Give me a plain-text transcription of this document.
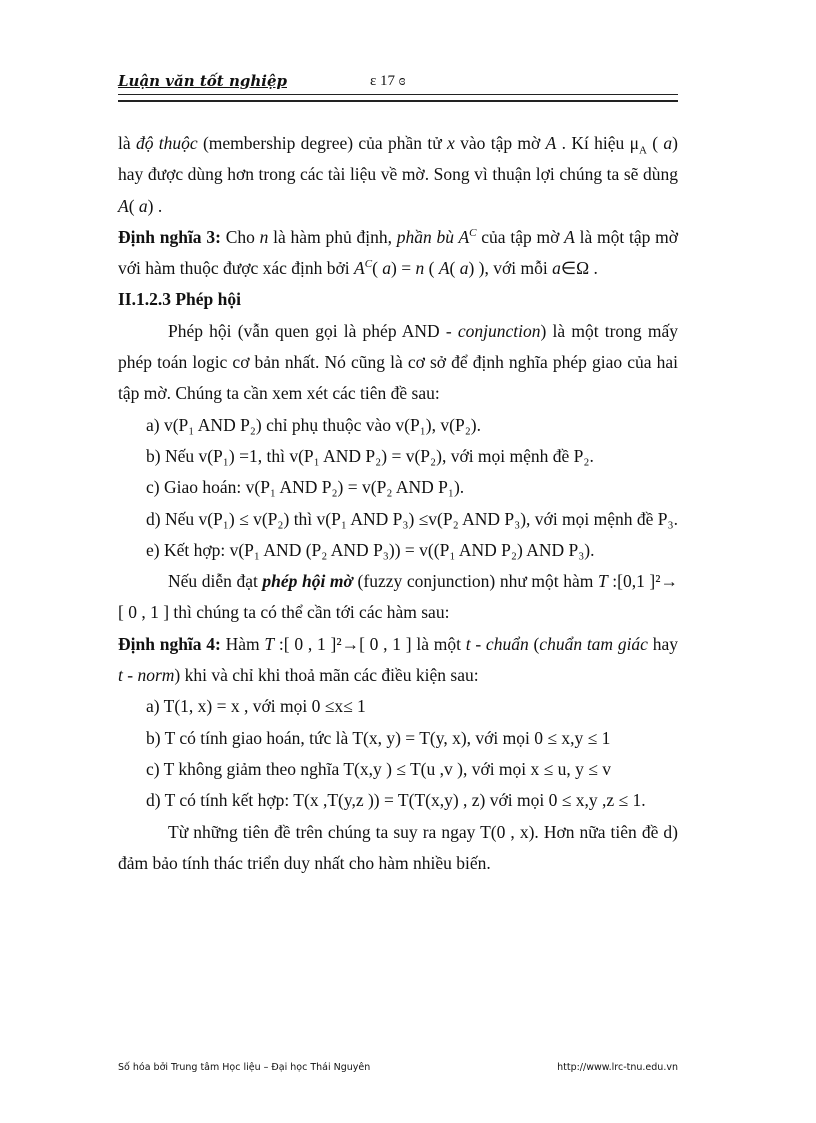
Luận văn tốt nghiệp	ɛ 17 ɞ

là độ thuộc (membership degree) của phần tử x vào tập mờ A . Kí hiệu $\mu_A$ ( a) hay được dùng hơn trong các tài liệu về mờ. Song vì thuận lợi chúng ta sẽ dùng A( a) .

Định nghĩa 3: Cho n là hàm phủ định, phần bù $A^C$ của tập mờ A là một tập mờ với hàm thuộc được xác định bởi $A^C$( a) = n ( A( a) ), với mỗi a∈Ω .

II.1.2.3 Phép hội

Phép hội (vẫn quen gọi là phép AND - conjunction) là một trong mấy phép toán logic cơ bản nhất. Nó cũng là cơ sở để định nghĩa phép giao của hai tập mờ. Chúng ta cần xem xét các tiên đề sau:

a) v(P₁ AND P₂) chỉ phụ thuộc vào v(P₁), v(P₂).

b) Nếu v(P₁) =1, thì v(P₁ AND P₂) = v(P₂), với mọi mệnh đề P₂.

c) Giao hoán: v(P₁ AND P₂) = v(P₂ AND P₁).

d) Nếu v(P₁) ≤ v(P₂) thì v(P₁ AND P₃) ≤v(P₂ AND P₃), với mọi mệnh đề P₃.

e) Kết hợp: v(P₁ AND (P₂ AND P₃)) = v((P₁ AND P₂) AND P₃).

Nếu diễn đạt phép hội mờ (fuzzy conjunction) như một hàm T :[0,1 ]²→ [ 0 , 1 ] thì chúng ta có thể cần tới các hàm sau:

Định nghĩa 4: Hàm T :[ 0 , 1 ]²→[ 0 , 1 ] là một t - chuẩn (chuẩn tam giác hay t - norm) khi và chỉ khi thoả mãn các điều kiện sau:

a) T(1, x) = x , với mọi 0 ≤x≤ 1

b) T có tính giao hoán, tức là T(x, y) = T(y, x), với mọi 0 ≤ x,y ≤ 1

c) T không giảm theo nghĩa T(x,y ) ≤ T(u ,v ), với mọi x ≤ u, y ≤ v

d) T có tính kết hợp: T(x ,T(y,z )) = T(T(x,y) , z) với mọi 0 ≤ x,y ,z ≤ 1.

Từ những tiên đề trên chúng ta suy ra ngay T(0 , x). Hơn nữa tiên đề d) đảm bảo tính thác triển duy nhất cho hàm nhiều biến.

Số hóa bởi Trung tâm Học liệu – Đại học Thái Nguyên	http://www.lrc-tnu.edu.vn
